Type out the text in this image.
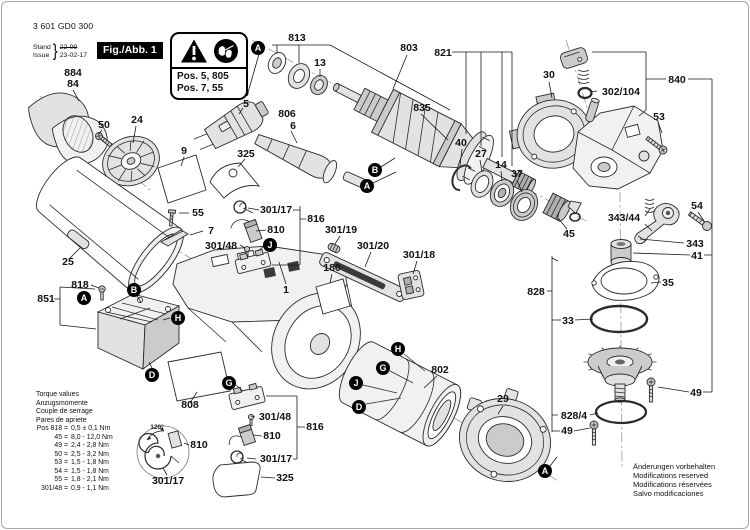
120°
813
13
803
835
821
30
302/104
840
53
884
84
50 24
5
806
6
325
9
40
27
14
37
45
343/44
54
343
41
828
35
33
55
7
301/48
301/17
816
810	301/19
301/20
301/18
180
1
851
818
25
808
802
29
828/4
49
49
301/48
810
301/17
325
816
810
301/17
A
B
A
A
B
H
D
J
G
H
G
J
D
A
3 601 GD0 300
Stand
Issue } 22-09
23-02-17	Fig./Abb. 1
Pos. 5, 805
Pos. 7, 55
Torque values
Anzugsmomente
Couple de serrage
Pares de apriete
Pos 818 = 0,5 ± 0,1 Nm
45 = 8,0 - 12,0 Nm
49 = 2,4 - 2,8 Nm
50 = 2,5 - 3,2 Nm
53 = 1,5 - 1,8 Nm
54 = 1,5 - 1,8 Nm
55 = 1,8 - 2,1 Nm
301/48 = 0,9 - 1,1 Nm
Änderungen vorbehalten
Modifications reserved
Modifications réservées
Salvo modificaciones
